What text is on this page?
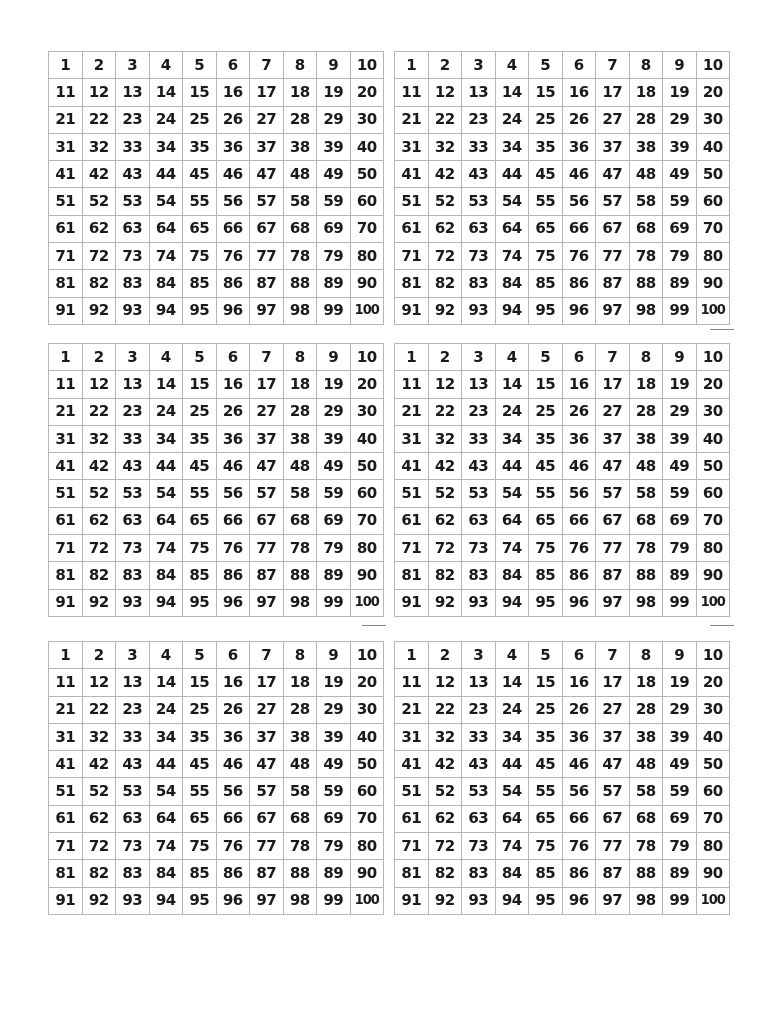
1	2	3	4	5	6	7	8	9	10
11 12 13 14 15 16 17 18 19 20
21 22 23 24 25 26 27 28 29 30
31 32 33 34 35 36 37 38 39 40
41 42 43 44 45 46 47 48 49 50
51 52 53 54 55 56 57 58 59 60
61 62 63 64 65 66 67 68 69 70
71 72 73 74 75 76 77 78 79 80
81 82 83 84 85 86 87 88 89 90
91 92 93 94 95 96 97 98 99 100
1	2	3	4	5	6	7	8	9	10
11 12 13 14 15 16 17 18 19 20
21 22 23 24 25 26 27 28 29 30
31 32 33 34 35 36 37 38 39 40
41 42 43 44 45 46 47 48 49 50
51 52 53 54 55 56 57 58 59 60
61 62 63 64 65 66 67 68 69 70
71 72 73 74 75 76 77 78 79 80
81 82 83 84 85 86 87 88 89 90
91 92 93 94 95 96 97 98 99 100
1	2	3	4	5	6	7	8	9	10
11 12 13 14 15 16 17 18 19 20
21 22 23 24 25 26 27 28 29 30
31 32 33 34 35 36 37 38 39 40
41 42 43 44 45 46 47 48 49 50
51 52 53 54 55 56 57 58 59 60
61 62 63 64 65 66 67 68 69 70
71 72 73 74 75 76 77 78 79 80
81 82 83 84 85 86 87 88 89 90
91 92 93 94 95 96 97 98 99 100
1	2	3	4	5	6	7	8	9	10
11 12 13 14 15 16 17 18 19 20
21 22 23 24 25 26 27 28 29 30
31 32 33 34 35 36 37 38 39 40
41 42 43 44 45 46 47 48 49 50
51 52 53 54 55 56 57 58 59 60
61 62 63 64 65 66 67 68 69 70
71 72 73 74 75 76 77 78 79 80
81 82 83 84 85 86 87 88 89 90
91 92 93 94 95 96 97 98 99 100
1	2	3	4	5	6	7	8	9	10
11 12 13 14 15 16 17 18 19 20
21 22 23 24 25 26 27 28 29 30
31 32 33 34 35 36 37 38 39 40
41 42 43 44 45 46 47 48 49 50
51 52 53 54 55 56 57 58 59 60
61 62 63 64 65 66 67 68 69 70
71 72 73 74 75 76 77 78 79 80
81 82 83 84 85 86 87 88 89 90
91 92 93 94 95 96 97 98 99 100
1	2	3	4	5	6	7	8	9	10
11 12 13 14 15 16 17 18 19 20
21 22 23 24 25 26 27 28 29 30
31 32 33 34 35 36 37 38 39 40
41 42 43 44 45 46 47 48 49 50
51 52 53 54 55 56 57 58 59 60
61 62 63 64 65 66 67 68 69 70
71 72 73 74 75 76 77 78 79 80
81 82 83 84 85 86 87 88 89 90
91 92 93 94 95 96 97 98 99 100
